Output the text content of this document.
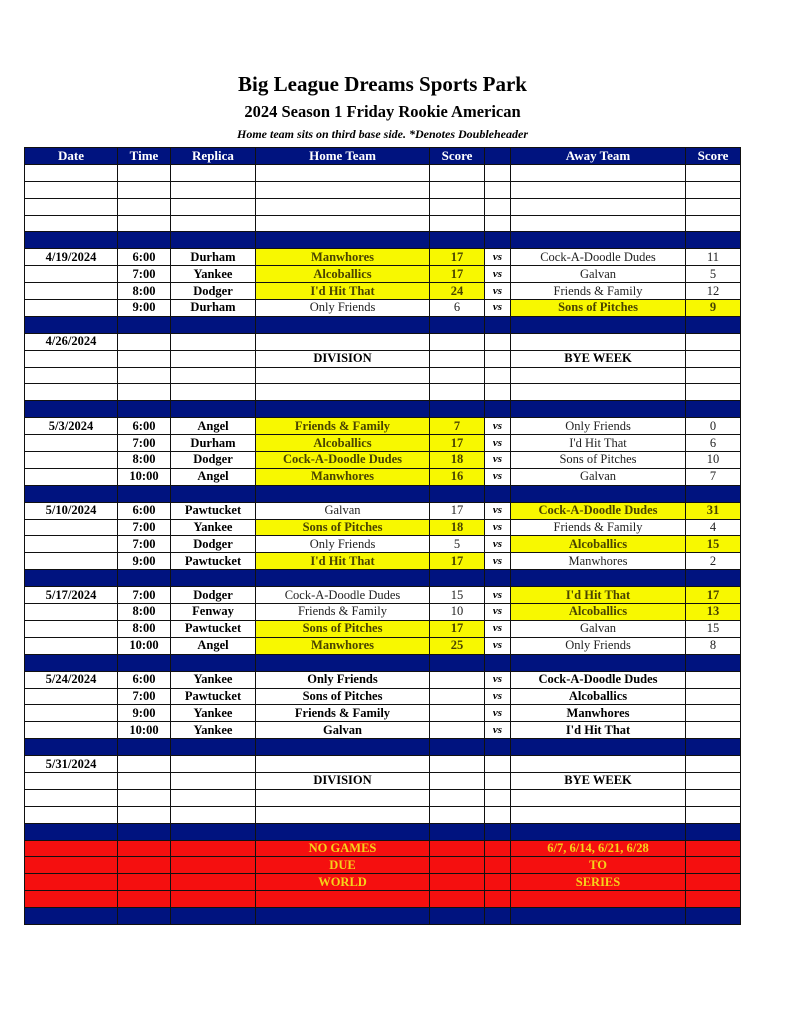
Big League Dreams Sports Park
2024 Season 1 Friday Rookie American
Home team sits on third base side. *Denotes Doubleheader
Date	Time	Replica	Home Team	Score		Away Team	Score

4/19/2024	6:00	Durham	Manwhores	17	vs	Cock-A-Doodle Dudes	11
	7:00	Yankee	Alcoballics	17	vs	Galvan	5
	8:00	Dodger	I'd Hit That	24	vs	Friends & Family	12
	9:00	Durham	Only Friends	6	vs	Sons of Pitches	9

4/26/2024							
			DIVISION			BYE WEEK	

5/3/2024	6:00	Angel	Friends & Family	7	vs	Only Friends	0
	7:00	Durham	Alcoballics	17	vs	I'd Hit That	6
	8:00	Dodger	Cock-A-Doodle Dudes	18	vs	Sons of Pitches	10
	10:00	Angel	Manwhores	16	vs	Galvan	7

5/10/2024	6:00	Pawtucket	Galvan	17	vs	Cock-A-Doodle Dudes	31
	7:00	Yankee	Sons of Pitches	18	vs	Friends & Family	4
	7:00	Dodger	Only Friends	5	vs	Alcoballics	15
	9:00	Pawtucket	I'd Hit That	17	vs	Manwhores	2

5/17/2024	7:00	Dodger	Cock-A-Doodle Dudes	15	vs	I'd Hit That	17
	8:00	Fenway	Friends & Family	10	vs	Alcoballics	13
	8:00	Pawtucket	Sons of Pitches	17	vs	Galvan	15
	10:00	Angel	Manwhores	25	vs	Only Friends	8

5/24/2024	6:00	Yankee	Only Friends		vs	Cock-A-Doodle Dudes	
	7:00	Pawtucket	Sons of Pitches		vs	Alcoballics	
	9:00	Yankee	Friends & Family		vs	Manwhores	
	10:00	Yankee	Galvan		vs	I'd Hit That	

5/31/2024							
			DIVISION			BYE WEEK	

			NO GAMES			6/7, 6/14, 6/21, 6/28	
			DUE			TO	
			WORLD			SERIES	
